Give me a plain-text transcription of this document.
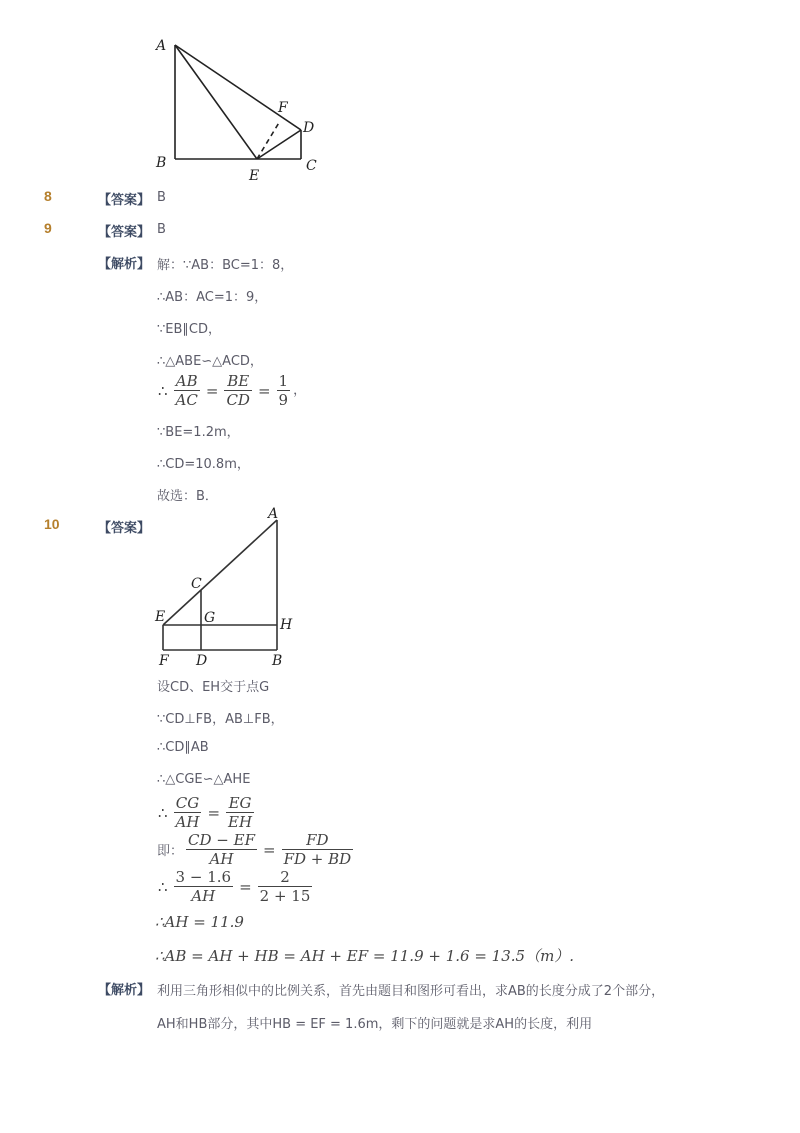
A
B	C
D
E
F
8	【答案】 B
9	【答案】 B
【解析】 解：∵AB：BC=1：8，
∴AB：AC=1：9，
∵EB∥CD，
∴△ABE∽△ACD，
∴ $\frac{AB}{AC} = \frac{BE}{CD} = \frac{1}{9}$ ，
∵BE=1.2m，
∴CD=10.8m，
故选：B．
10	【答案】
A
C
E	G	H
F D	B
设CD、EH交于点G
∵CD⊥FB，AB⊥FB，
∴CD∥AB
∴△CGE∽△AHE
∴ $\frac{CG}{AH} = \frac{EG}{EH}$
即： $\frac{CD - EF}{AH} = \frac{FD}{FD + BD}$
∴ $\frac{3 - 1.6}{AH} = \frac{2}{2 + 15}$
∴AH = 11.9
∴AB = AH + HB = AH + EF = 11.9 + 1.6 = 13.5（m）.
【解析】 利用三角形相似中的比例关系，首先由题目和图形可看出，求AB的长度分成了2个部分，
AH和HB部分，其中HB = EF = 1.6m，剩下的问题就是求AH的长度，利用
